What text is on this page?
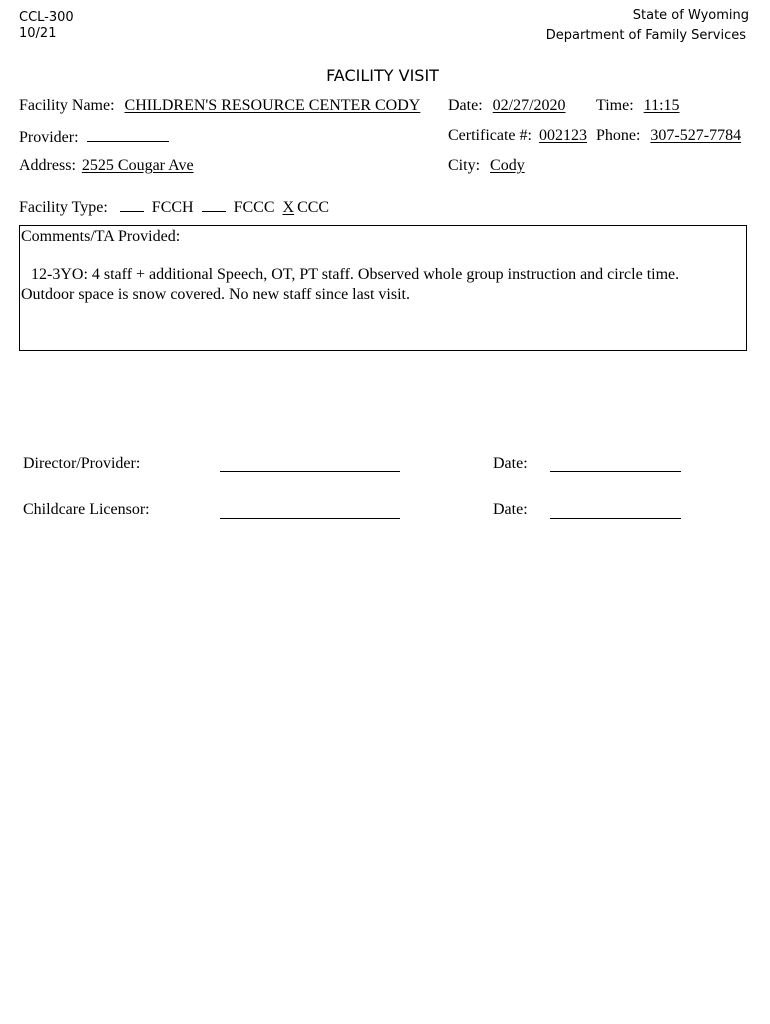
CCL-300
10/21
State of Wyoming
Department of Family Services
FACILITY VISIT
Facility Name: CHILDREN'S RESOURCE CENTER CODY Date: 02/27/2020 Time: 11:15
Provider:	Certificate #: 002123 Phone: 307-527-7784
Address: 2525 Cougar Ave	City: Cody
Facility Type:	FCCH	FCCC X CCC
Comments/TA Provided:
12-3YO: 4 staff + additional Speech, OT, PT staff. Observed whole group instruction and circle time.
Outdoor space is snow covered. No new staff since last visit.
Director/Provider:	Date:
Childcare Licensor:	Date:
